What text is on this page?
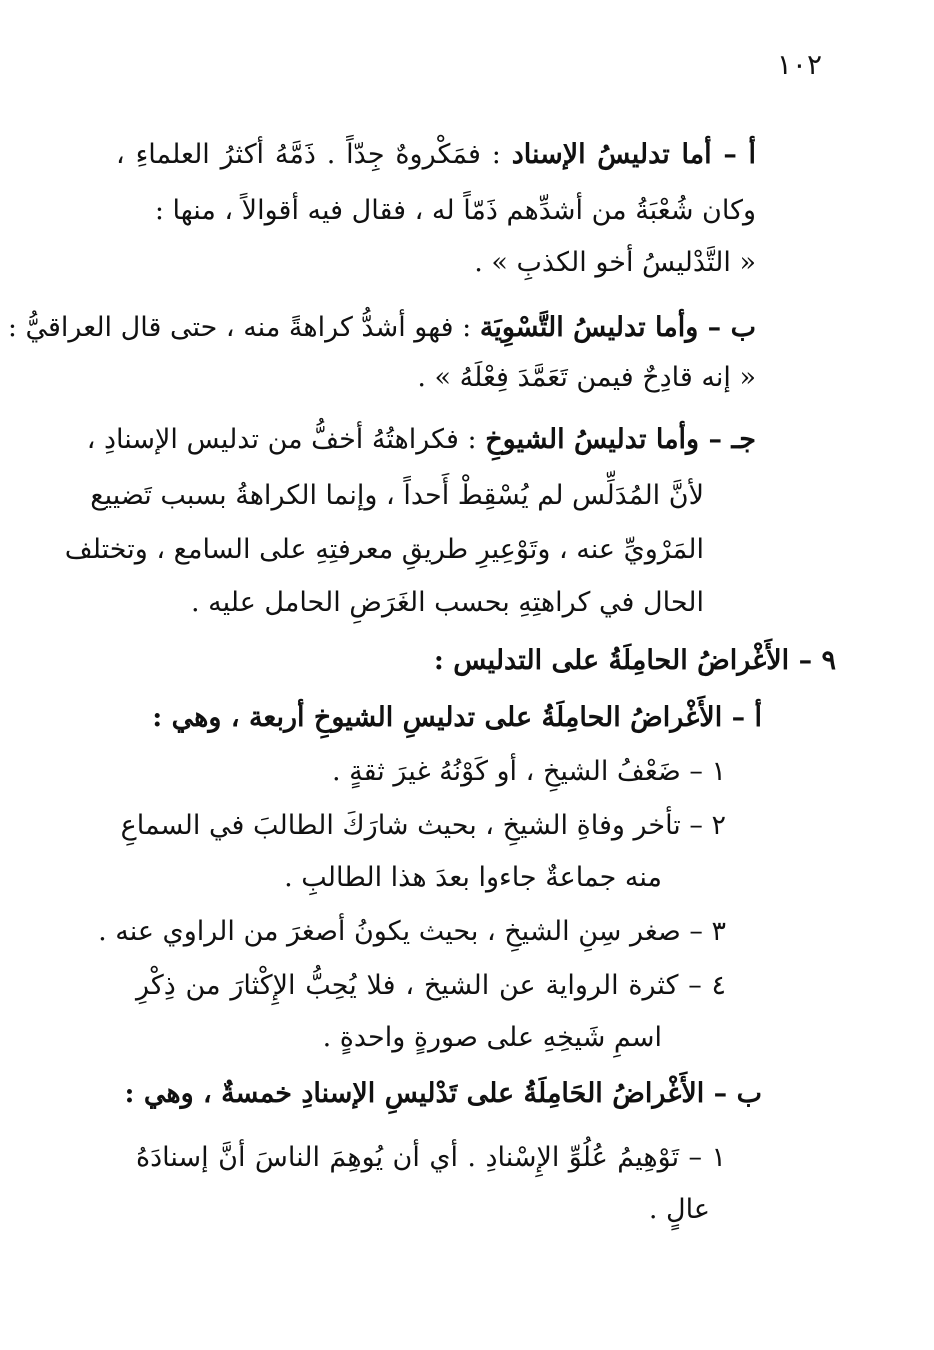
١٠٢
أ – أما تدليسُ الإسناد : فمَكْروهٌ جِدّاً . ذَمَّهُ أكثرُ العلماءِ ،
وكان شُعْبَةُ من أشدِّهم ذَمّاً له ، فقال فيه أقوالاً ، منها :
« التَّدْليسُ أخو الكذبِ » .
ب – وأما تدليسُ التَّسْوِيَة : فهو أشدُّ كراهةً منه ، حتى قال العراقيُّ :
« إنه قادِحٌ فيمن تَعَمَّدَ فِعْلَهُ » .
جـ – وأما تدليسُ الشيوخِ : فكراهتُهُ أخفُّ من تدليس الإسنادِ ،
لأنَّ المُدَلِّس لم يُسْقِطْ أَحداً ، وإنما الكراهةُ بسبب تَضييع
المَرْويِّ عنه ، وتَوْعِيرِ طريقِ معرفتِهِ على السامع ، وتختلف
الحال في كراهتِهِ بحسب الغَرَضِ الحامل عليه .
٩ – الأَغْراضُ الحامِلَةُ على التدليس :
أ – الأَغْراضُ الحامِلَةُ على تدليسِ الشيوخِ أربعة ، وهي :
١ – ضَعْفُ الشيخِ ، أو كَوْنُهُ غيرَ ثقةٍ .
٢ – تأخر وفاةِ الشيخِ ، بحيث شارَكَ الطالبَ في السماعِ
منه جماعةٌ جاءوا بعدَ هذا الطالبِ .
٣ – صغر سِنِ الشيخِ ، بحيث يكونُ أصغرَ من الراوي عنه .
٤ – كثرة الرواية عن الشيخ ، فلا يُحِبُّ الإِكْثارَ من ذِكْرِ
اسمِ شَيخِهِ على صورةٍ واحدةٍ .
ب – الأَغْراضُ الحَامِلَةُ على تَدْليسِ الإسنادِ خمسةٌ ، وهي :
١ – تَوْهِيمُ عُلُوِّ الإِسْنادِ . أي أن يُوهِمَ الناسَ أنَّ إسنادَهُ
عالٍ .
